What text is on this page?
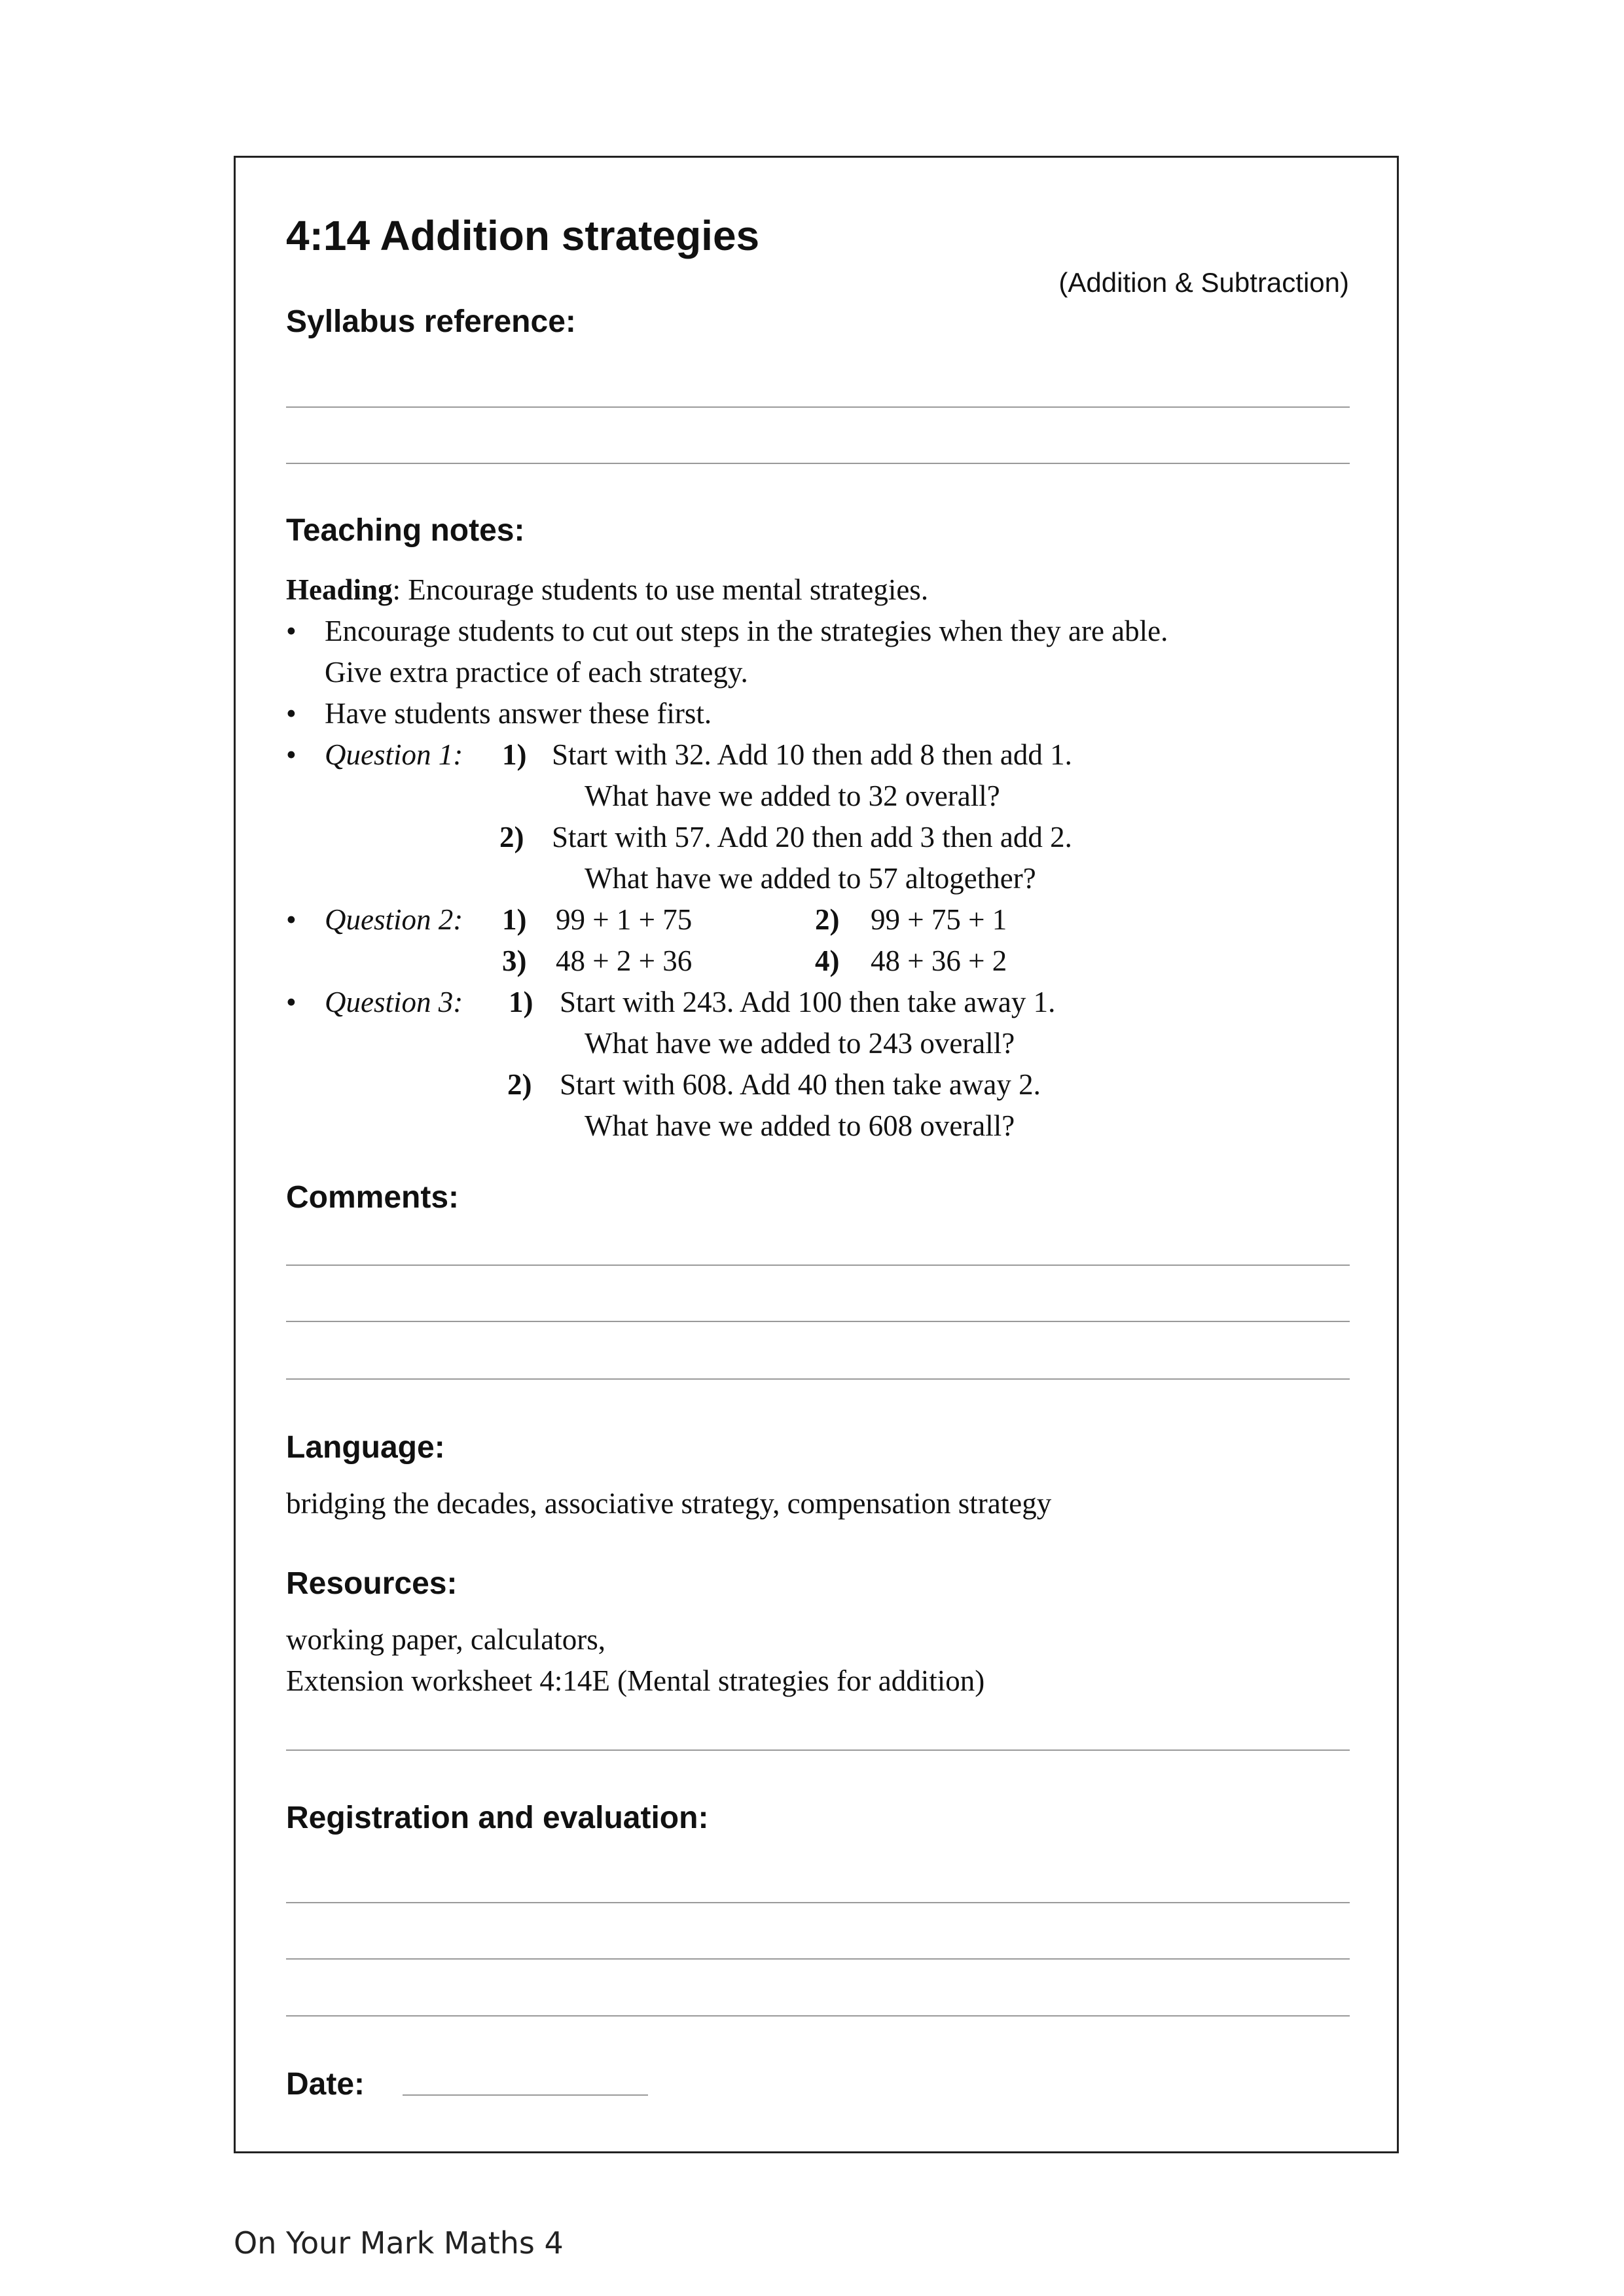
4:14 Addition strategies
(Addition & Subtraction)
Syllabus reference:
Teaching notes:
Heading: Encourage students to use mental strategies.
• Encourage students to cut out steps in the strategies when they are able.
Give extra practice of each strategy.
• Have students answer these first.
• Question 1: 1) Start with 32. Add 10 then add 8 then add 1.
What have we added to 32 overall?
2) Start with 57. Add 20 then add 3 then add 2.
What have we added to 57 altogether?
• Question 2: 1) 99 + 1 + 75	2) 99 + 75 + 1
3) 48 + 2 + 36	4) 48 + 36 + 2
• Question 3: 1) Start with 243. Add 100 then take away 1.
What have we added to 243 overall?
2) Start with 608. Add 40 then take away 2.
What have we added to 608 overall?
Comments:
Language:
bridging the decades, associative strategy, compensation strategy
Resources:
working paper, calculators,
Extension worksheet 4:14E (Mental strategies for addition)
Registration and evaluation:
Date:
On Your Mark Maths 4
